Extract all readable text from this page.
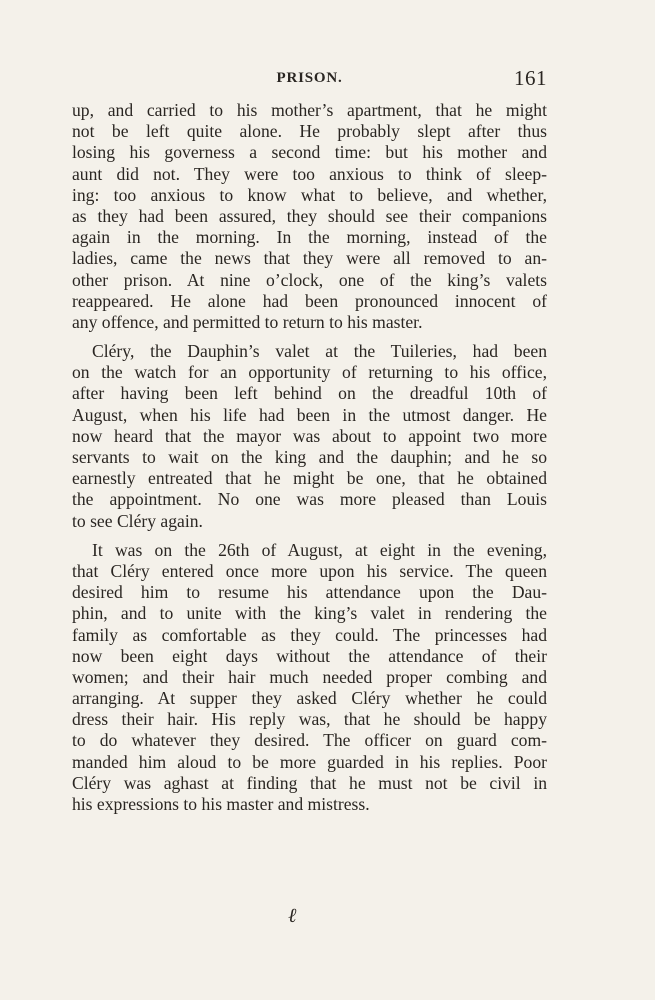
PRISON.	161
up, and carried to his mother’s apartment, that he might
not be left quite alone. He probably slept after thus
losing his governess a second time: but his mother and
aunt did not. They were too anxious to think of sleep-
ing: too anxious to know what to believe, and whether,
as they had been assured, they should see their companions
again in the morning. In the morning, instead of the
ladies, came the news that they were all removed to an-
other prison. At nine o’clock, one of the king’s valets
reappeared. He alone had been pronounced innocent of
any offence, and permitted to return to his master.
Cléry, the Dauphin’s valet at the Tuileries, had been
on the watch for an opportunity of returning to his office,
after having been left behind on the dreadful 10th of
August, when his life had been in the utmost danger. He
now heard that the mayor was about to appoint two more
servants to wait on the king and the dauphin; and he so
earnestly entreated that he might be one, that he obtained
the appointment. No one was more pleased than Louis
to see Cléry again.
It was on the 26th of August, at eight in the evening,
that Cléry entered once more upon his service. The queen
desired him to resume his attendance upon the Dau-
phin, and to unite with the king’s valet in rendering the
family as comfortable as they could. The princesses had
now been eight days without the attendance of their
women; and their hair much needed proper combing and
arranging. At supper they asked Cléry whether he could
dress their hair. His reply was, that he should be happy
to do whatever they desired. The officer on guard com-
manded him aloud to be more guarded in his replies. Poor
Cléry was aghast at finding that he must not be civil in
his expressions to his master and mistress.
ℓ
